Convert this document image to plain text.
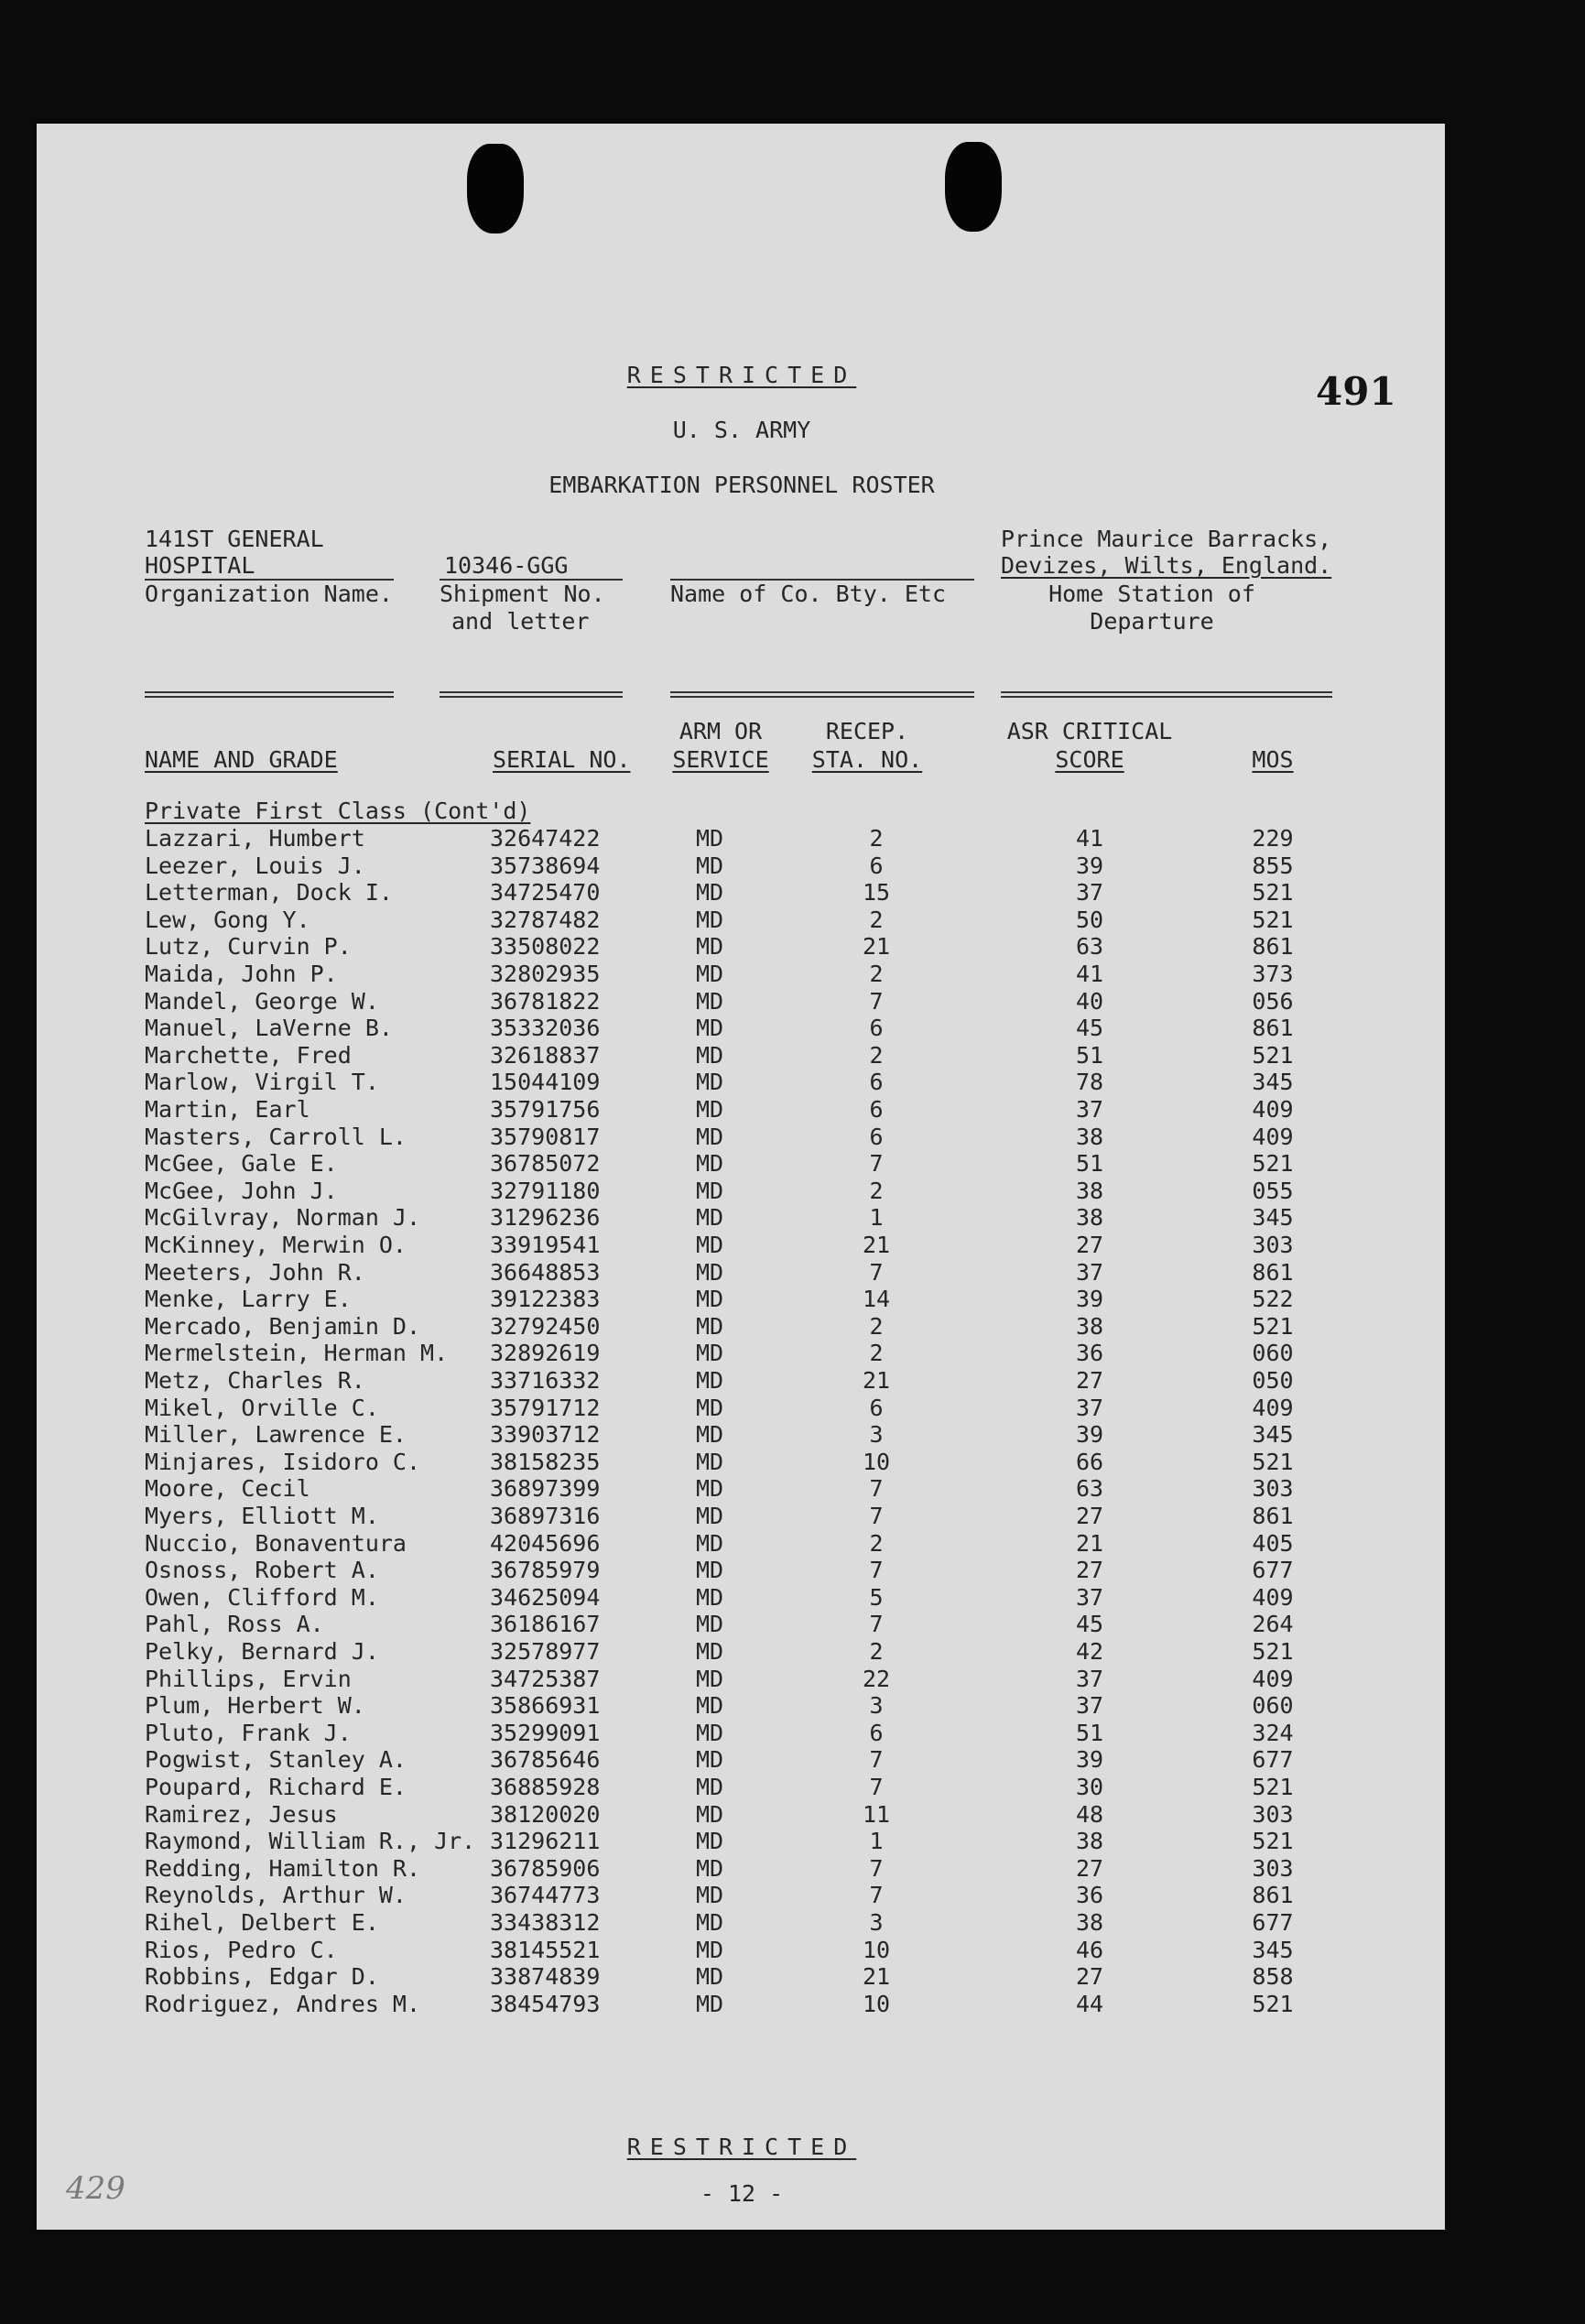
RESTRICTED	491
U. S. ARMY
EMBARKATION PERSONNEL ROSTER
141ST GENERAL
HOSPITAL
Organization Name.
10346-GGG
Shipment No.
and letter
Name of Co. Bty. Etc
Prince Maurice Barracks,
Devizes, Wilts, England.
Home Station of
Departure
NAME AND GRADE	SERIAL NO.
ARM OR
SERVICE
RECEP.
STA. NO.
ASR CRITICAL
SCORE	MOS
Private First Class (Cont'd)
Lazzari, Humbert	32647422	MD	2	41	229
Leezer, Louis J.	35738694	MD	6	39	855
Letterman, Dock I.	34725470	MD	15	37	521
Lew, Gong Y.	32787482	MD	2	50	521
Lutz, Curvin P.	33508022	MD	21	63	861
Maida, John P.	32802935	MD	2	41	373
Mandel, George W.	36781822	MD	7	40	056
Manuel, LaVerne B.	35332036	MD	6	45	861
Marchette, Fred	32618837	MD	2	51	521
Marlow, Virgil T.	15044109	MD	6	78	345
Martin, Earl	35791756	MD	6	37	409
Masters, Carroll L.	35790817	MD	6	38	409
McGee, Gale E.	36785072	MD	7	51	521
McGee, John J.	32791180	MD	2	38	055
McGilvray, Norman J.	31296236	MD	1	38	345
McKinney, Merwin O.	33919541	MD	21	27	303
Meeters, John R.	36648853	MD	7	37	861
Menke, Larry E.	39122383	MD	14	39	522
Mercado, Benjamin D.	32792450	MD	2	38	521
Mermelstein, Herman M. 32892619	MD	2	36	060
Metz, Charles R.	33716332	MD	21	27	050
Mikel, Orville C.	35791712	MD	6	37	409
Miller, Lawrence E.	33903712	MD	3	39	345
Minjares, Isidoro C.	38158235	MD	10	66	521
Moore, Cecil	36897399	MD	7	63	303
Myers, Elliott M.	36897316	MD	7	27	861
Nuccio, Bonaventura	42045696	MD	2	21	405
Osnoss, Robert A.	36785979	MD	7	27	677
Owen, Clifford M.	34625094	MD	5	37	409
Pahl, Ross A.	36186167	MD	7	45	264
Pelky, Bernard J.	32578977	MD	2	42	521
Phillips, Ervin	34725387	MD	22	37	409
Plum, Herbert W.	35866931	MD	3	37	060
Pluto, Frank J.	35299091	MD	6	51	324
Pogwist, Stanley A.	36785646	MD	7	39	677
Poupard, Richard E.	36885928	MD	7	30	521
Ramirez, Jesus	38120020	MD	11	48	303
Raymond, William R., Jr. 31296211	MD	1	38	521
Redding, Hamilton R.	36785906	MD	7	27	303
Reynolds, Arthur W.	36744773	MD	7	36	861
Rihel, Delbert E.	33438312	MD	3	38	677
Rios, Pedro C.	38145521	MD	10	46	345
Robbins, Edgar D.	33874839	MD	21	27	858
Rodriguez, Andres M.	38454793	MD	10	44	521
RESTRICTED
- 12 -
429
